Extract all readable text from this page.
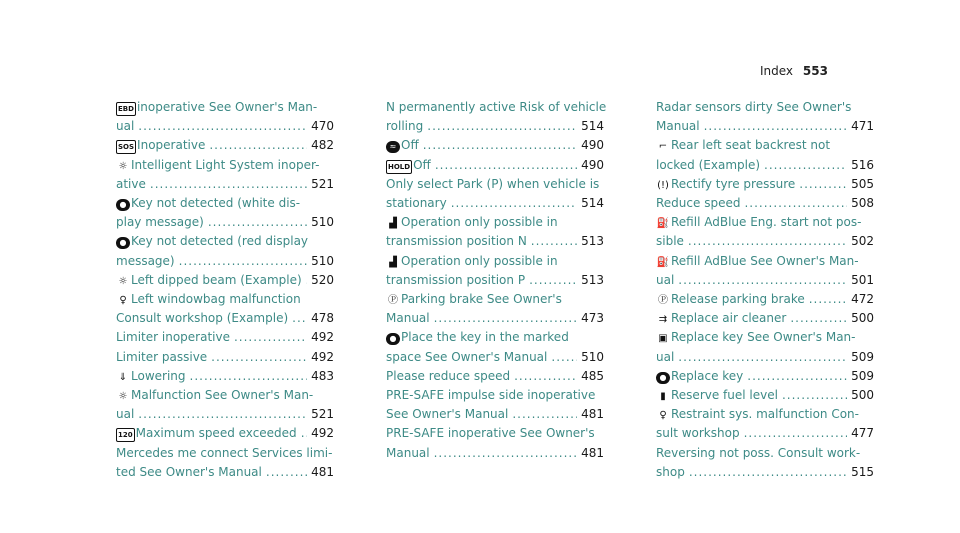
Index 553
EBD inoperative See Owner's Man-
ual .....	470
SOS Inoperative .....	482
☼ Intelligent Light System inoper-
ative .....	521
● Key not detected (white dis-
play message) .....	510
● Key not detected (red display
message) .....	510
☼ Left dipped beam (Example) ..... 520
♀ Left windowbag malfunction
Consult workshop (Example) ..... 478
Limiter inoperative .....	492
Limiter passive .....	492
⇓ Lowering .....	483
☼ Malfunction See Owner's Man-
ual .....	521
120 Maximum speed exceeded ..... 492
Mercedes me connect Services limi-
ted See Owner's Manual .....	481
N permanently active Risk of vehicle
rolling .....	514
≈ Off .....	490
HOLD Off .....	490
Only select Park (P) when vehicle is
stationary .....	514
▟ Operation only possible in
transmission position N .....	513
▟ Operation only possible in
transmission position P .....	513
Ⓟ Parking brake See Owner's
Manual .....	473
● Place the key in the marked
space See Owner's Manual .....	510
Please reduce speed .....	485
PRE-SAFE impulse side inoperative
See Owner's Manual .....	481
PRE-SAFE inoperative See Owner's
Manual .....	481
Radar sensors dirty See Owner's
Manual .....	471
⌐ Rear left seat backrest not
locked (Example) .....	516
(!) Rectify tyre pressure .....	505
Reduce speed .....	508
⛽ Refill AdBlue Eng. start not pos-
sible .....	502
⛽ Refill AdBlue See Owner's Man-
ual .....	501
Ⓟ Release parking brake .....	472
⇉ Replace air cleaner .....	500
▣ Replace key See Owner's Man-
ual .....	509
● Replace key .....	509
▮ Reserve fuel level .....	500
♀ Restraint sys. malfunction Con-
sult workshop .....	477
Reversing not poss. Consult work-
shop .....	515
